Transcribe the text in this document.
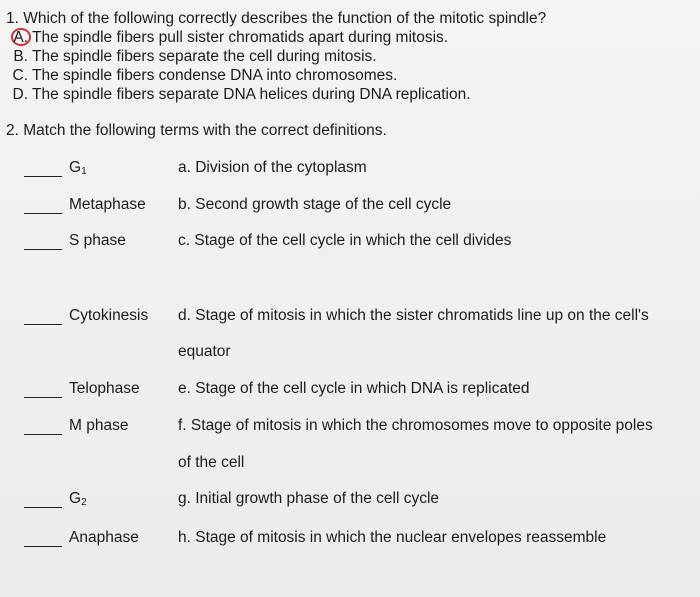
1. Which of the following correctly describes the function of the mitotic spindle?
A. The spindle fibers pull sister chromatids apart during mitosis.
B. The spindle fibers separate the cell during mitosis.
C. The spindle fibers condense DNA into chromosomes.
D. The spindle fibers separate DNA helices during DNA replication.
2. Match the following terms with the correct definitions.
$G_1$	a. Division of the cytoplasm
Metaphase b. Second growth stage of the cell cycle
S phase	c. Stage of the cell cycle in which the cell divides
Cytokinesis d. Stage of mitosis in which the sister chromatids line up on the cell's
equator
Telophase e. Stage of the cell cycle in which DNA is replicated
M phase	f. Stage of mitosis in which the chromosomes move to opposite poles
of the cell
$G_2$	g. Initial growth phase of the cell cycle
Anaphase	h. Stage of mitosis in which the nuclear envelopes reassemble
